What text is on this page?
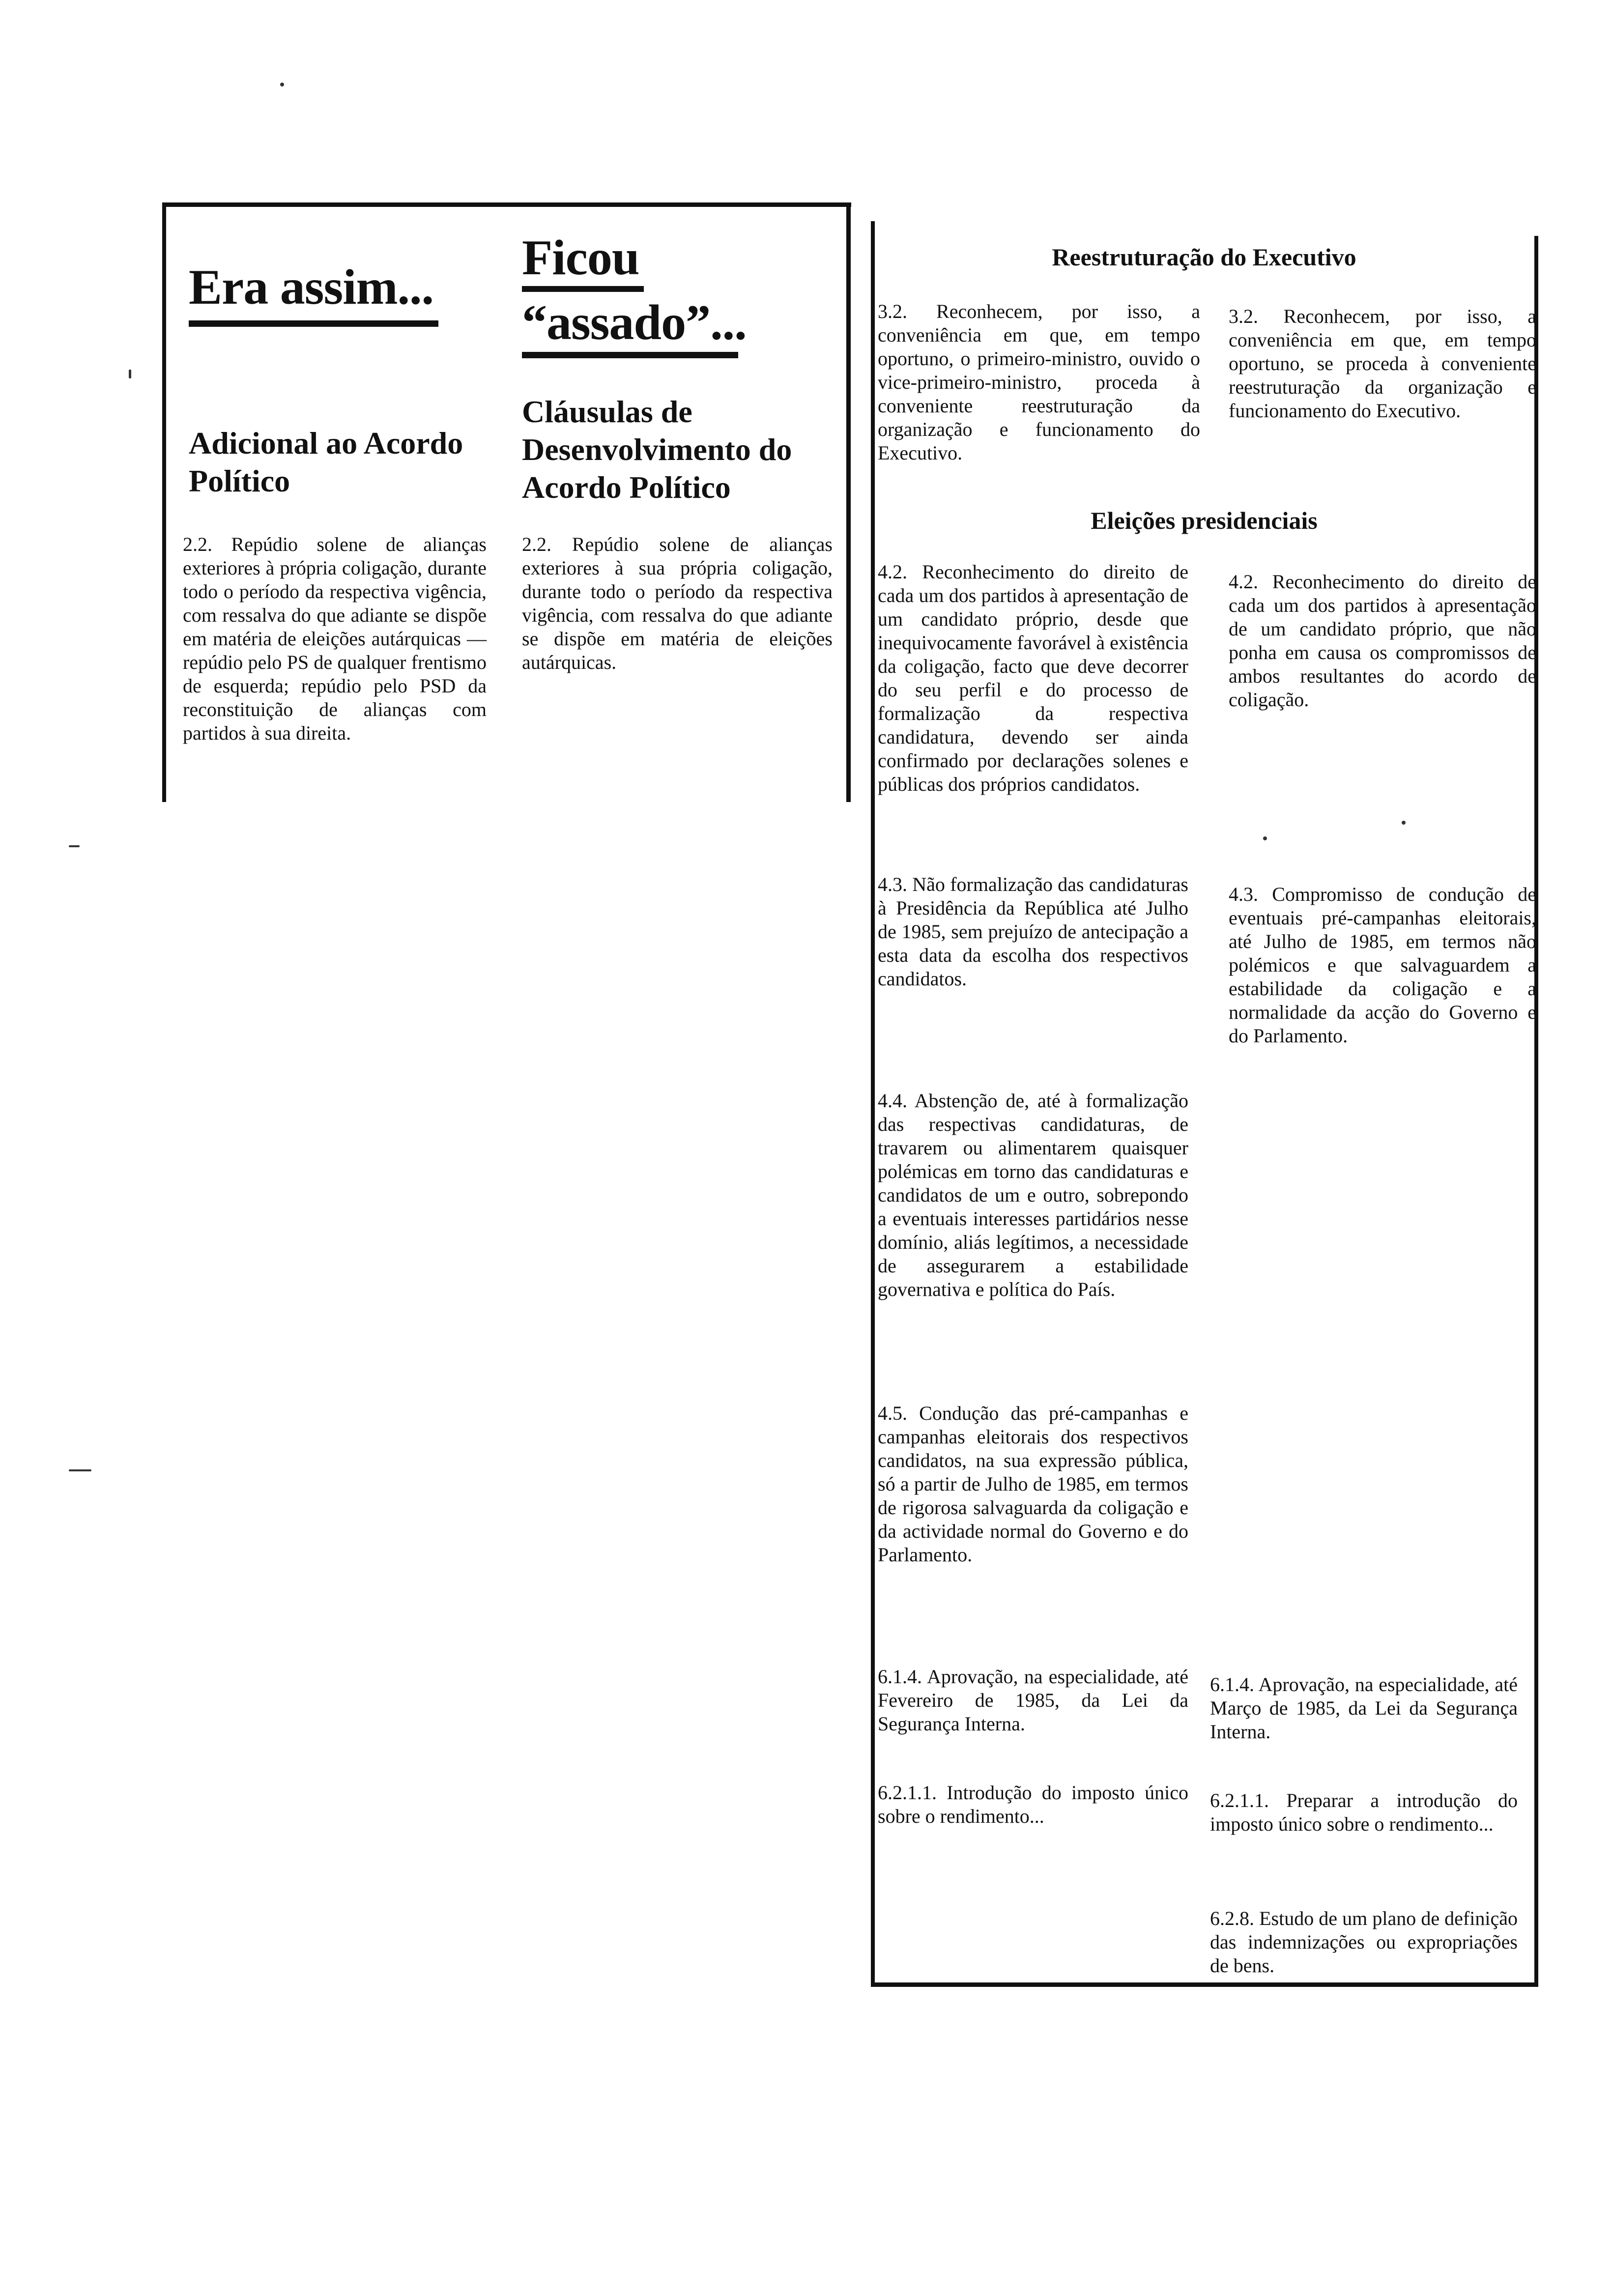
Era assim...
Ficou
“assado”...
Adicional ao Acordo Político
Cláusulas de Desenvolvimento do Acordo Político
2.2. Repúdio solene de alianças exteriores à própria coligação, durante todo o período da respectiva vigência, com ressalva do que adiante se dispõe em matéria de eleições autárquicas — repúdio pelo PS de qualquer frentismo de esquerda; repúdio pelo PSD da reconstituição de alianças com partidos à sua direita.
2.2. Repúdio solene de alianças exteriores à sua própria coligação, durante todo o período da respectiva vigência, com ressalva do que adiante se dispõe em matéria de eleições autárquicas.
Reestruturação do Executivo
3.2. Reconhecem, por isso, a conveniência em que, em tempo oportuno, o primeiro-ministro, ouvido o vice-primeiro-ministro, proceda à conveniente reestruturação da organização e funcionamento do Executivo.
3.2. Reconhecem, por isso, a conveniência em que, em tempo oportuno, se proceda à conveniente reestruturação da organização e funcionamento do Executivo.
Eleições presidenciais
4.2. Reconhecimento do direito de cada um dos partidos à apresentação de um candidato próprio, desde que inequivocamente favorável à existência da coligação, facto que deve decorrer do seu perfil e do processo de formalização da respectiva candidatura, devendo ser ainda confirmado por declarações solenes e públicas dos próprios candidatos.
4.2. Reconhecimento do direito de cada um dos partidos à apresentação de um candidato próprio, que não ponha em causa os compromissos de ambos resultantes do acordo de coligação.
4.3. Não formalização das candidaturas à Presidência da República até Julho de 1985, sem prejuízo de antecipação a esta data da escolha dos respectivos candidatos.
4.3. Compromisso de condução de eventuais pré-campanhas eleitorais, até Julho de 1985, em termos não polémicos e que salvaguardem a estabilidade da coligação e a normalidade da acção do Governo e do Parlamento.
4.4. Abstenção de, até à formalização das respectivas candidaturas, de travarem ou alimentarem quaisquer polémicas em torno das candidaturas e candidatos de um e outro, sobrepondo a eventuais interesses partidários nesse domínio, aliás legítimos, a necessidade de assegurarem a estabilidade governativa e política do País.
4.5. Condução das pré-campanhas e campanhas eleitorais dos respectivos candidatos, na sua expressão pública, só a partir de Julho de 1985, em termos de rigorosa salvaguarda da coligação e da actividade normal do Governo e do Parlamento.
6.1.4. Aprovação, na especialidade, até Fevereiro de 1985, da Lei da Segurança Interna.
6.1.4. Aprovação, na especialidade, até Março de 1985, da Lei da Segurança Interna.
6.2.1.1. Introdução do imposto único sobre o rendimento...
6.2.1.1. Preparar a introdução do imposto único sobre o rendimento...
6.2.8. Estudo de um plano de definição das indemnizações ou expropriações de bens.
